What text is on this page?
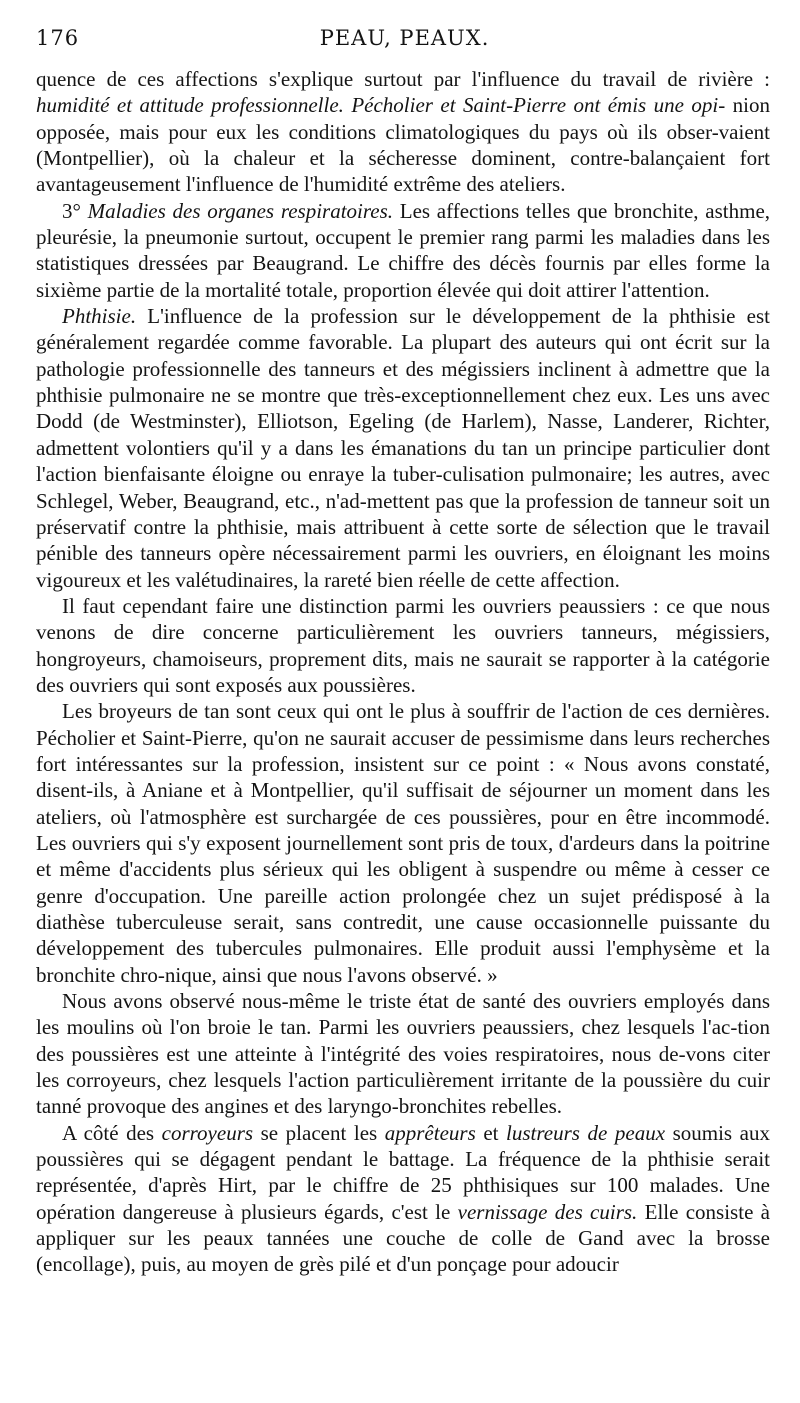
176	PEAU, PEAUX.

quence de ces affections s'explique surtout par l'influence du travail de rivière : humidité et attitude professionnelle. Pécholier et Saint-Pierre ont émis une opi- nion opposée, mais pour eux les conditions climatologiques du pays où ils obser-vaient (Montpellier), où la chaleur et la sécheresse dominent, contre-balançaient fort avantageusement l'influence de l'humidité extrême des ateliers.

3° Maladies des organes respiratoires. Les affections telles que bronchite, asthme, pleurésie, la pneumonie surtout, occupent le premier rang parmi les maladies dans les statistiques dressées par Beaugrand. Le chiffre des décès fournis par elles forme la sixième partie de la mortalité totale, proportion élevée qui doit attirer l'attention.

Phthisie. L'influence de la profession sur le développement de la phthisie est généralement regardée comme favorable. La plupart des auteurs qui ont écrit sur la pathologie professionnelle des tanneurs et des mégissiers inclinent à admettre que la phthisie pulmonaire ne se montre que très-exceptionnellement chez eux. Les uns avec Dodd (de Westminster), Elliotson, Egeling (de Harlem), Nasse, Landerer, Richter, admettent volontiers qu'il y a dans les émanations du tan un principe particulier dont l'action bienfaisante éloigne ou enraye la tuber-culisation pulmonaire; les autres, avec Schlegel, Weber, Beaugrand, etc., n'ad-mettent pas que la profession de tanneur soit un préservatif contre la phthisie, mais attribuent à cette sorte de sélection que le travail pénible des tanneurs opère nécessairement parmi les ouvriers, en éloignant les moins vigoureux et les valétudinaires, la rareté bien réelle de cette affection.

Il faut cependant faire une distinction parmi les ouvriers peaussiers : ce que nous venons de dire concerne particulièrement les ouvriers tanneurs, mégissiers, hongroyeurs, chamoiseurs, proprement dits, mais ne saurait se rapporter à la catégorie des ouvriers qui sont exposés aux poussières.

Les broyeurs de tan sont ceux qui ont le plus à souffrir de l'action de ces dernières. Pécholier et Saint-Pierre, qu'on ne saurait accuser de pessimisme dans leurs recherches fort intéressantes sur la profession, insistent sur ce point : « Nous avons constaté, disent-ils, à Aniane et à Montpellier, qu'il suffisait de séjourner un moment dans les ateliers, où l'atmosphère est surchargée de ces poussières, pour en être incommodé. Les ouvriers qui s'y exposent journellement sont pris de toux, d'ardeurs dans la poitrine et même d'accidents plus sérieux qui les obligent à suspendre ou même à cesser ce genre d'occupation. Une pareille action prolongée chez un sujet prédisposé à la diathèse tuberculeuse serait, sans contredit, une cause occasionnelle puissante du développement des tubercules pulmonaires. Elle produit aussi l'emphysème et la bronchite chro-nique, ainsi que nous l'avons observé. »

Nous avons observé nous-même le triste état de santé des ouvriers employés dans les moulins où l'on broie le tan. Parmi les ouvriers peaussiers, chez lesquels l'ac-tion des poussières est une atteinte à l'intégrité des voies respiratoires, nous de-vons citer les corroyeurs, chez lesquels l'action particulièrement irritante de la poussière du cuir tanné provoque des angines et des laryngo-bronchites rebelles.

A côté des corroyeurs se placent les apprêteurs et lustreurs de peaux soumis aux poussières qui se dégagent pendant le battage. La fréquence de la phthisie serait représentée, d'après Hirt, par le chiffre de 25 phthisiques sur 100 malades. Une opération dangereuse à plusieurs égards, c'est le vernissage des cuirs. Elle consiste à appliquer sur les peaux tannées une couche de colle de Gand avec la brosse (encollage), puis, au moyen de grès pilé et d'un ponçage pour adoucir
